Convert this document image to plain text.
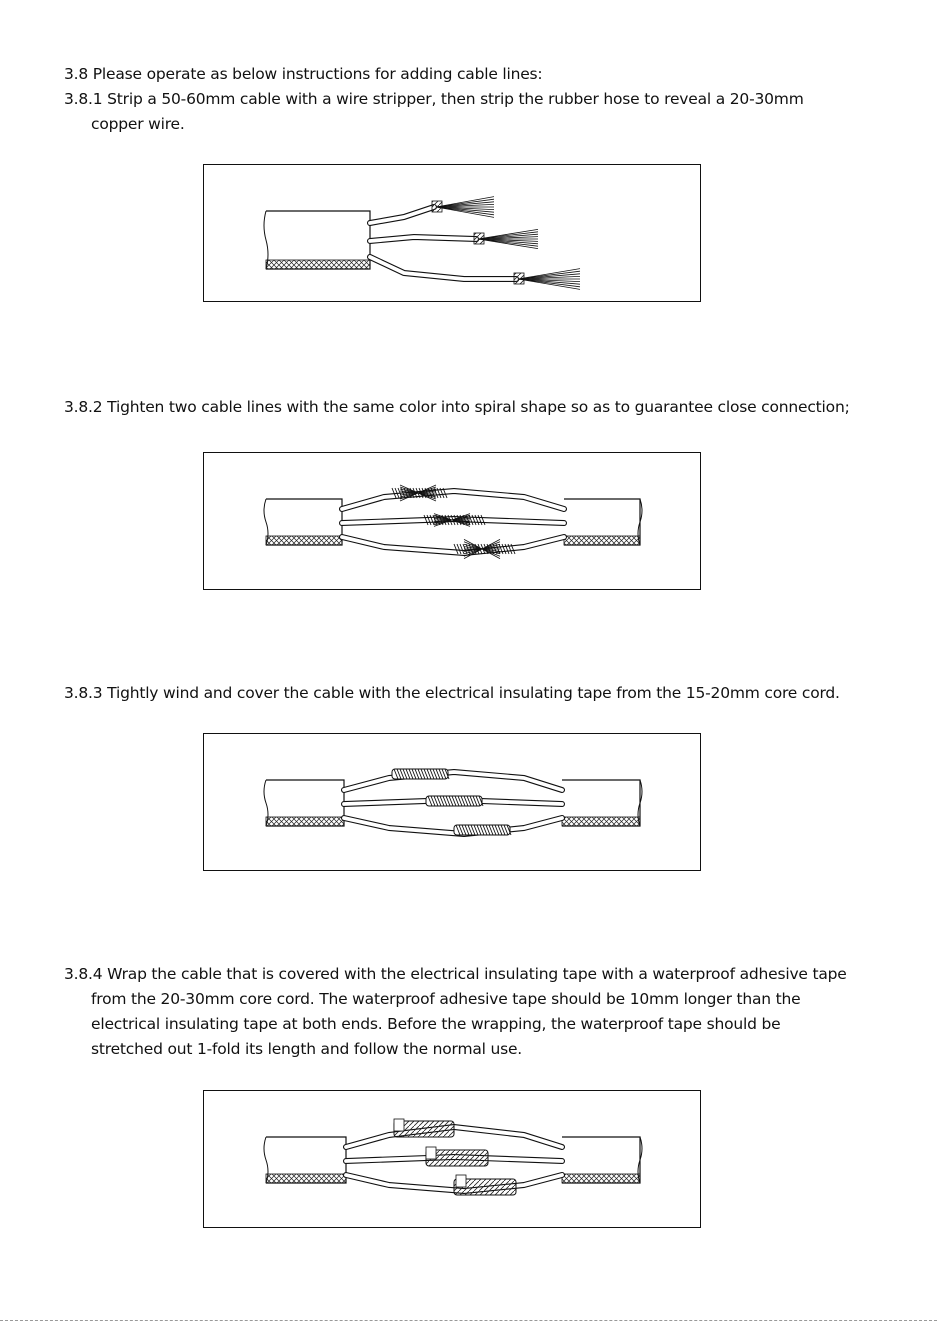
3.8 Please operate as below instructions for adding cable lines:
3.8.1 Strip a 50-60mm cable with a wire stripper, then strip the rubber hose to reveal a 20-30mm
copper wire.
3.8.2 Tighten two cable lines with the same color into spiral shape so as to guarantee close connection;
3.8.3 Tightly wind and cover the cable with the electrical insulating tape from the 15-20mm core cord.
3.8.4 Wrap the cable that is covered with the electrical insulating tape with a waterproof adhesive tape
from the 20-30mm core cord. The waterproof adhesive tape should be 10mm longer than the
electrical insulating tape at both ends. Before the wrapping, the waterproof tape should be
stretched out 1-fold its length and follow the normal use.
